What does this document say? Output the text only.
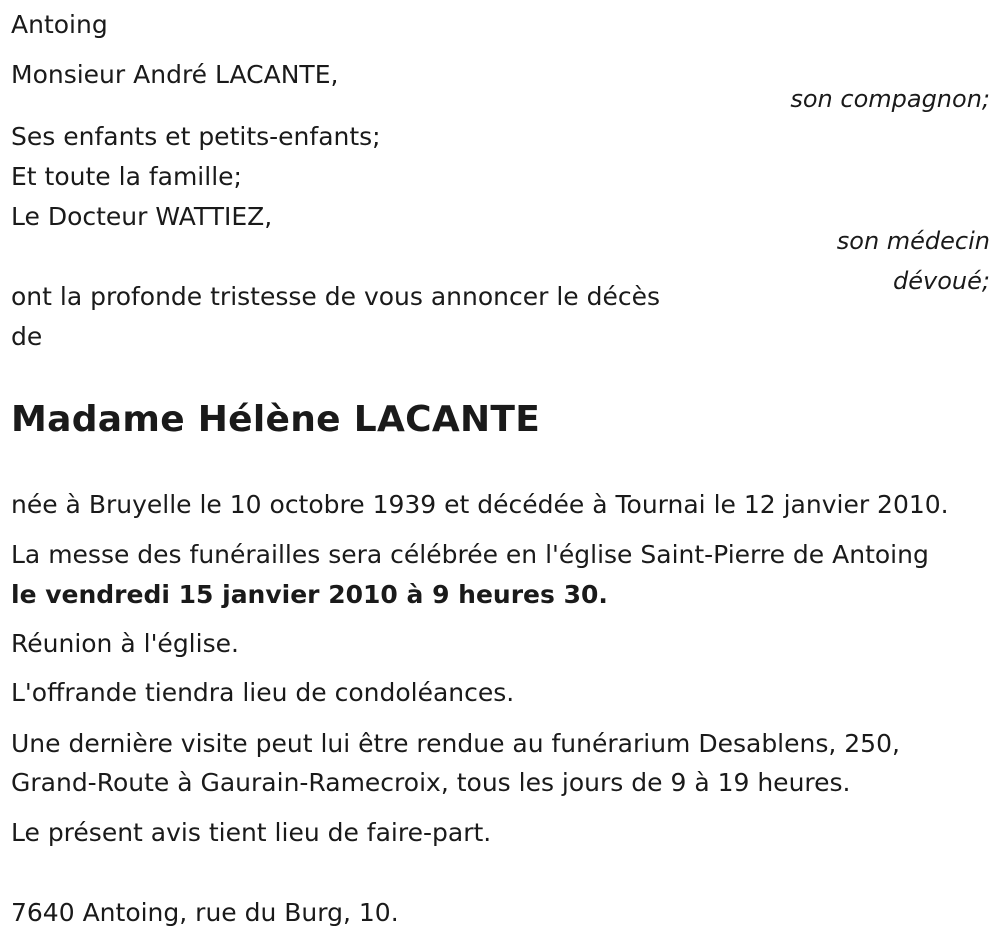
Antoing
Monsieur André LACANTE,
son compagnon;
Ses enfants et petits-enfants;
Et toute la famille;
Le Docteur WATTIEZ,
son médecin
dévoué;
ont la profonde tristesse de vous annoncer le décès
de
Madame Hélène LACANTE
née à Bruyelle le 10 octobre 1939 et décédée à Tournai le 12 janvier 2010.
La messe des funérailles sera célébrée en l'église Saint-Pierre de Antoing
le vendredi 15 janvier 2010 à 9 heures 30.
Réunion à l'église.
L'offrande tiendra lieu de condoléances.
Une dernière visite peut lui être rendue au funérarium Desablens, 250,
Grand-Route à Gaurain-Ramecroix, tous les jours de 9 à 19 heures.
Le présent avis tient lieu de faire-part.
7640 Antoing, rue du Burg, 10.
